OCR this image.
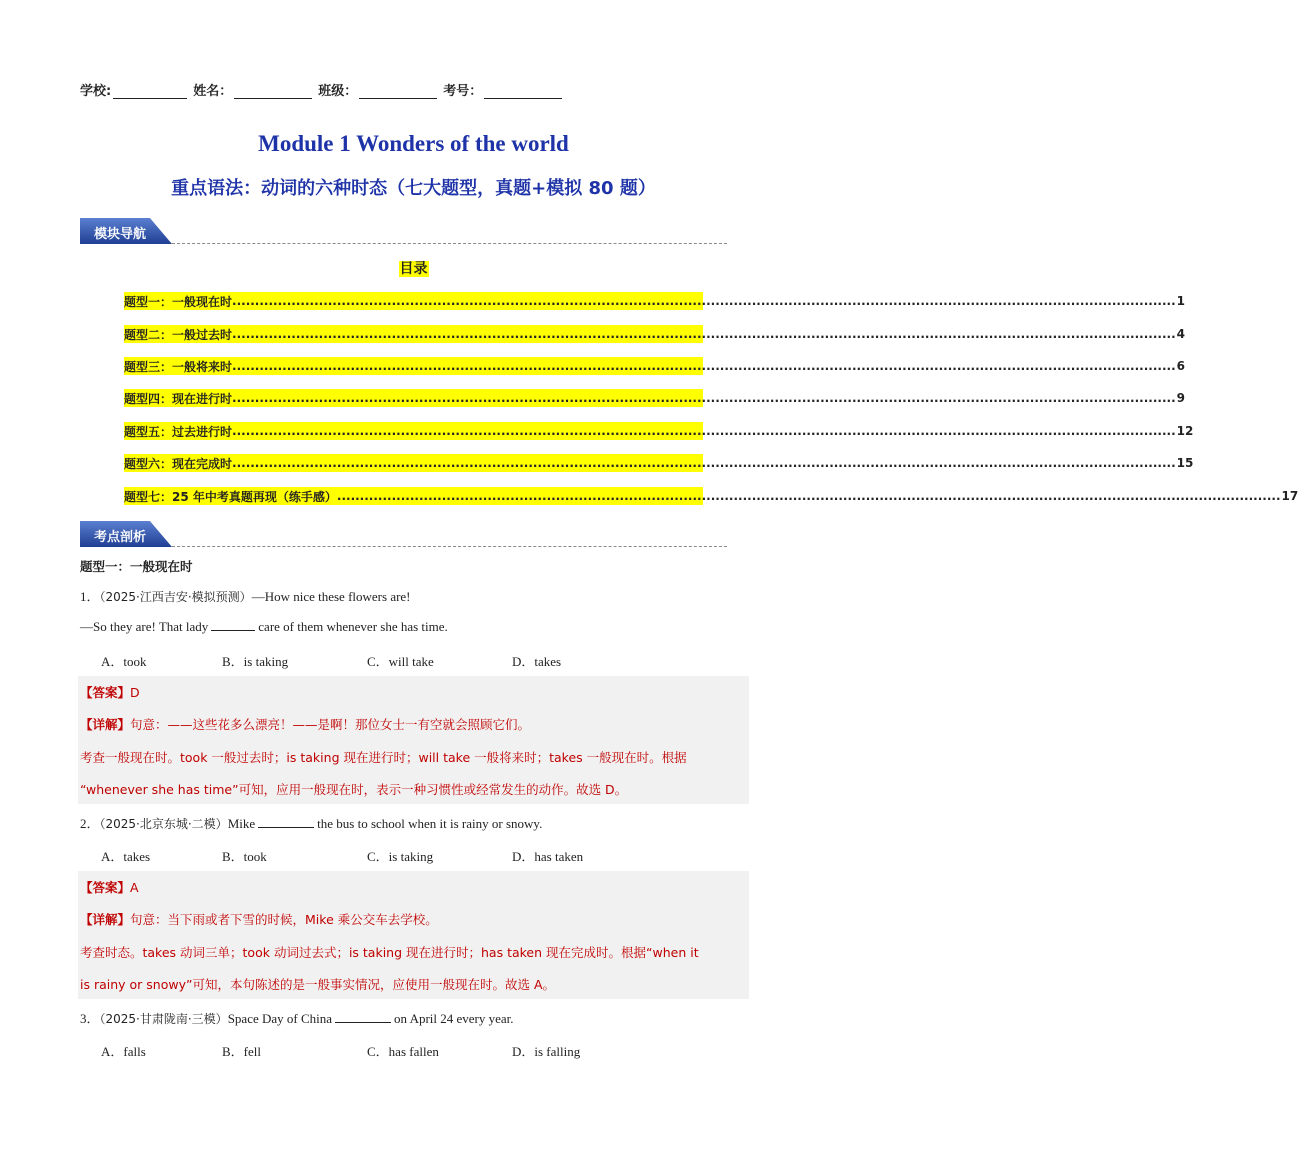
学校:	姓名：	班级：	考号：
Module 1 Wonders of the world
重点语法：动词的六种时态（七大题型，真题+模拟 80 题）
模块导航
目录
题型一：一般现在时 ............................................................................................................................................................................................................... 1
题型二：一般过去时 ............................................................................................................................................................................................................... 4
题型三：一般将来时 ............................................................................................................................................................................................................... 6
题型四：现在进行时 ............................................................................................................................................................................................................... 9
题型五：过去进行时 ............................................................................................................................................................................................................... 12
题型六：现在完成时 ............................................................................................................................................................................................................... 15
题型七：25 年中考真题再现（练手感） ............................................................................................................................................................................................................... 17
考点剖析
题型一：一般现在时
1．（2025·江西吉安·模拟预测）—How nice these flowers are!
—So they are! That lady	care of them whenever she has time.
A．took	B．is taking	C．will take	D．takes
【答案】D
【详解】句意：——这些花多么漂亮！——是啊！那位女士一有空就会照顾它们。
考查一般现在时。took 一般过去时；is taking 现在进行时；will take 一般将来时；takes 一般现在时。根据
“whenever she has time”可知，应用一般现在时，表示一种习惯性或经常发生的动作。故选 D。
2．（2025·北京东城·二模）Mike	the bus to school when it is rainy or snowy.
A．takes	B．took	C．is taking	D．has taken
【答案】A
【详解】句意：当下雨或者下雪的时候，Mike 乘公交车去学校。
考查时态。takes 动词三单；took 动词过去式；is taking 现在进行时；has taken 现在完成时。根据“when it
is rainy or snowy”可知，本句陈述的是一般事实情况，应使用一般现在时。故选 A。
3．（2025·甘肃陇南·三模）Space Day of China	on April 24 every year.
A．falls	B．fell	C．has fallen	D．is falling
